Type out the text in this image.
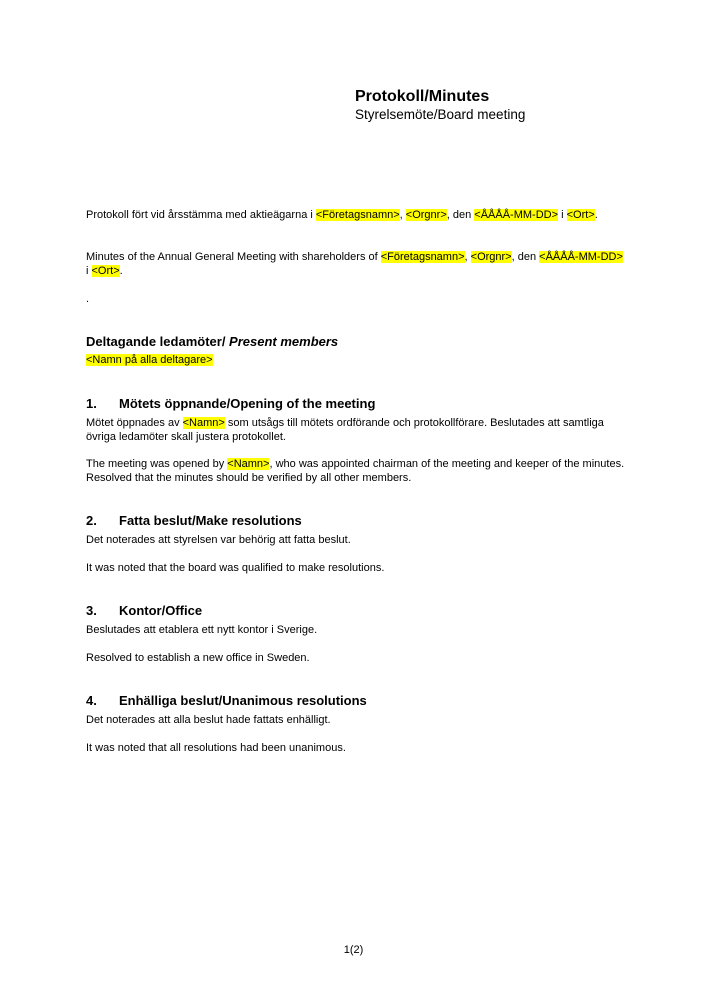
Protokoll/Minutes
Styrelsemöte/Board meeting
Protokoll fört vid årsstämma med aktieägarna i <Företagsnamn>, <Orgnr>, den <ÅÅÅÅ-MM-DD> i <Ort>.
Minutes of the Annual General Meeting with shareholders of <Företagsnamn>, <Orgnr>, den <ÅÅÅÅ-MM-DD> i <Ort>.
.
Deltagande ledamöter/ Present members
<Namn på alla deltagare>
1. Mötets öppnande/Opening of the meeting
Mötet öppnades av <Namn> som utsågs till mötets ordförande och protokollförare. Beslutades att samtliga övriga ledamöter skall justera protokollet.
The meeting was opened by <Namn>, who was appointed chairman of the meeting and keeper of the minutes. Resolved that the minutes should be verified by all other members.
2. Fatta beslut/Make resolutions
Det noterades att styrelsen var behörig att fatta beslut.
It was noted that the board was qualified to make resolutions.
3. Kontor/Office
Beslutades att etablera ett nytt kontor i Sverige.
Resolved to establish a new office in Sweden.
4. Enhälliga beslut/Unanimous resolutions
Det noterades att alla beslut hade fattats enhälligt.
It was noted that all resolutions had been unanimous.
1(2)
